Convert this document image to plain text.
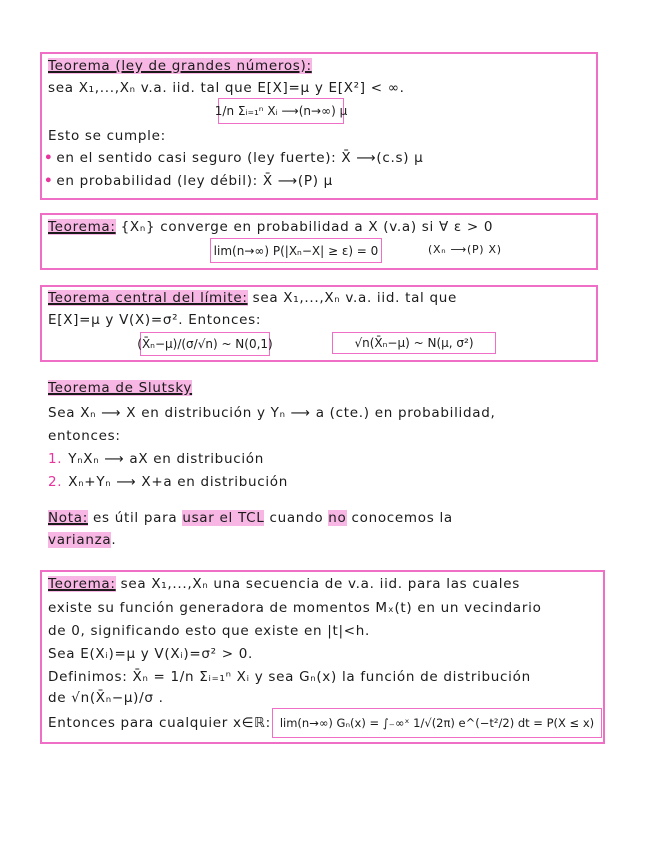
Teorema (ley de grandes números):
sea X₁,...,Xₙ v.a. iid. tal que E[X]=μ y E[X²] < ∞.
1/n Σᵢ₌₁ⁿ Xᵢ ⟶(n→∞) μ
Esto se cumple:
• en el sentido casi seguro (ley fuerte): X̄ ⟶(c.s) μ
• en probabilidad (ley débil): X̄ ⟶(P) μ
Teorema: {Xₙ} converge en probabilidad a X (v.a) si ∀ ε > 0
lim(n→∞) P(|Xₙ−X| ≥ ε) = 0	(Xₙ ⟶(P) X)
Teorema central del límite: sea X₁,...,Xₙ v.a. iid. tal que
E[X]=μ y V(X)=σ². Entonces:
(X̄ₙ−μ)/(σ/√n) ~ N(0,1)	√n(X̄ₙ−μ) ~ N(μ, σ²)
Teorema de Slutsky
Sea Xₙ ⟶ X en distribución y Yₙ ⟶ a (cte.) en probabilidad,
entonces:
1. YₙXₙ ⟶ aX en distribución
2. Xₙ+Yₙ ⟶ X+a en distribución
Nota: es útil para usar el TCL cuando no conocemos la
varianza.
Teorema: sea X₁,...,Xₙ una secuencia de v.a. iid. para las cuales
existe su función generadora de momentos Mₓ(t) en un vecindario
de 0, significando esto que existe en |t|<h.
Sea E(Xᵢ)=μ y V(Xᵢ)=σ² > 0.
Definimos: X̄ₙ = 1/n Σᵢ₌₁ⁿ Xᵢ y sea Gₙ(x) la función de distribución
de √n(X̄ₙ−μ)/σ .
Entonces para cualquier x∈ℝ: lim(n→∞) Gₙ(x) = ∫₋∞ˣ 1/√(2π) e^(−t²/2) dt = P(X ≤ x)
